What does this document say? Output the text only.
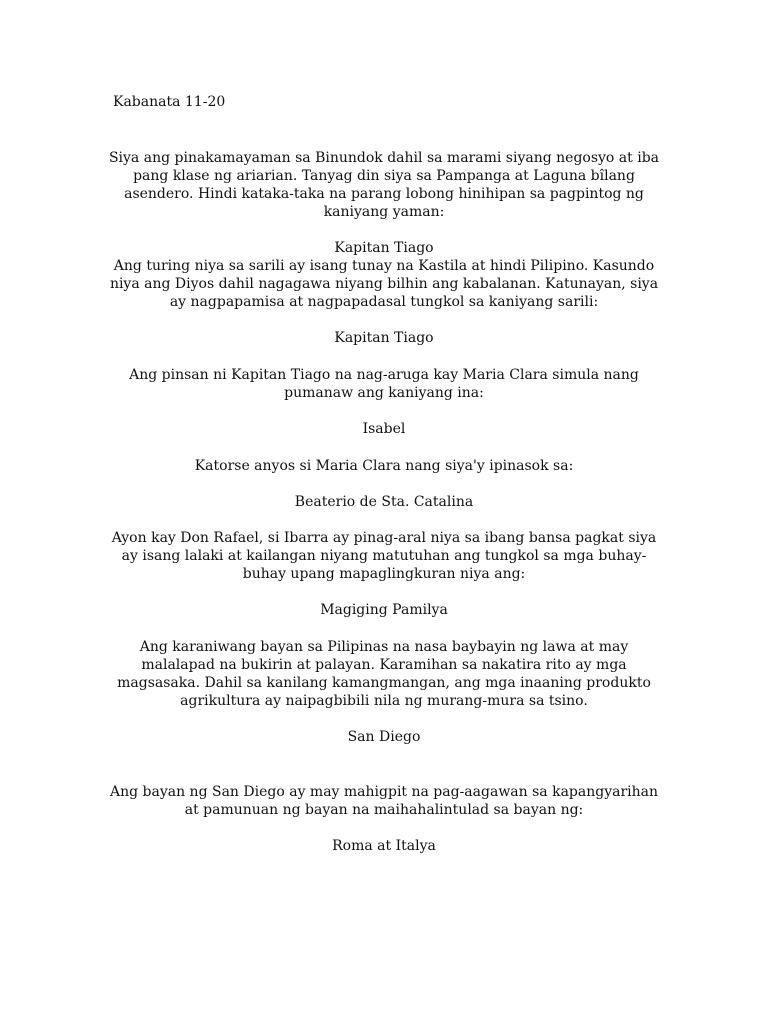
Kabanata 11-20

Siya ang pinakamayaman sa Binundok dahil sa marami siyang negosyo at iba pang klase ng ariarian. Tanyag din siya sa Pampanga at Laguna bîlang asendero. Hindi kataka-taka na parang lobong hinihipan sa pagpintog ng kaniyang yaman:

Kapitan Tiago

Ang turing niya sa sarili ay isang tunay na Kastila at hindi Pilipino. Kasundo niya ang Diyos dahil nagagawa niyang bilhin ang kabalanan. Katunayan, siya ay nagpapamisa at nagpapadasal tungkol sa kaniyang sarili:

Kapitan Tiago

Ang pinsan ni Kapitan Tiago na nag-aruga kay Maria Clara simula nang pumanaw ang kaniyang ina:

Isabel

Katorse anyos si Maria Clara nang siya'y ipinasok sa:

Beaterio de Sta. Catalina

Ayon kay Don Rafael, si Ibarra ay pinag-aral niya sa ibang bansa pagkat siya ay isang lalaki at kailangan niyang matutuhan ang tungkol sa mga buhay-buhay upang mapaglingkuran niya ang:

Magiging Pamilya

Ang karaniwang bayan sa Pilipinas na nasa baybayin ng lawa at may malalapad na bukirin at palayan. Karamihan sa nakatira rito ay mga magsasaka. Dahil sa kanilang kamangmangan, ang mga inaaning produkto agrikultura ay naipagbibili nila ng murang-mura sa tsino.

San Diego

Ang bayan ng San Diego ay may mahigpit na pag-aagawan sa kapangyarihan at pamunuan ng bayan na maihahalintulad sa bayan ng:

Roma at Italya
